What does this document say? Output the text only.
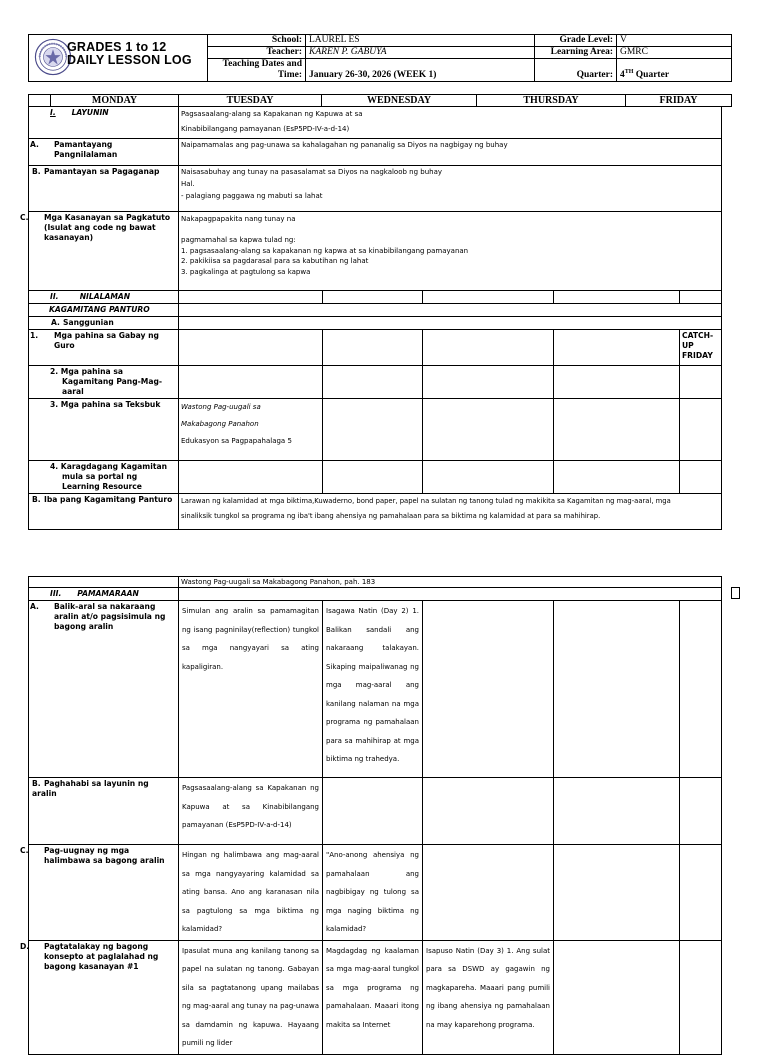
GRADES 1 to 12
DAILY LESSON LOG
School:	LAUREL ES	Grade Level:	V
Teacher:	KAREN P. GABUYA	Learning Area:	GMRC
Teaching Dates and
Time:	January 26-30, 2026 (WEEK 1)	Quarter:	4TH Quarter
	MONDAY	TUESDAY	WEDNESDAY	THURSDAY	FRIDAY
I. LAYUNIN	Pagsasaalang-alang sa Kapakanan ng Kapuwa at sa
Kinabibilangang pamayanan (EsP5PD-IV-a-d-14)				

A. Pamantayang Pangnilalaman	Naipamamalas ang pag-unawa sa kahalagahan ng pananalig sa Diyos na nagbigay ng buhay				
B. Pamantayan sa Pagaganap	Naisasabuhay ang tunay na pasasalamat sa Diyos na nagkaloob ng buhay
Hal.
- palagiang paggawa ng mabuti sa lahat				

C. Mga Kasanayan sa Pagkatuto (Isulat ang code ng bawat kasanayan)	Nakapagpapakita nang tunay na

pagmamahal sa kapwa tulad ng:
1. pagsasaalang-alang sa kapakanan ng kapwa at sa kinabibilangang pamayanan
2. pakikiisa sa pagdarasal para sa kabutihan ng lahat
3. pagkalinga at pagtulong sa kapwa				
II. NILALAMAN					
KAGAMITANG PANTURO					
A. Sanggunian					

1. Mga pahina sa Gabay ng Guro					CATCH-UP FRIDAY

2. Mga pahina sa Kagamitang Pang-Mag-aaral					

3. Mga pahina sa Teksbuk	Wastong Pag-uugali sa
Makabagong Panahon
Edukasyon sa Pagpapahalaga 5				

4. Karagdagang Kagamitan mula sa portal ng Learning Resource					

B. Iba pang Kagamitang Panturo	Larawan ng kalamidad at mga biktima,Kuwaderno, bond paper, papel na sulatan ng tanong tulad ng makikita sa Kagamitan ng mag-aaral, mga
sinaliksik tungkol sa programa ng iba't ibang ahensiya ng pamahalaan para sa biktima ng kalamidad at para sa mahihirap.				
	Wastong Pag-uugali sa Makabagong Panahon, pah. 183				
III. PAMAMARAAN					

A. Balik-aral sa nakaraang aralin at/o pagsisimula ng bagong aralin	Simulan ang aralin sa pamamagitan ng isang pagninilay(reflection) tungkol sa mga nangyayari sa ating kapaligiran.	Isagawa Natin (Day 2) 1. Balikan sandali ang nakaraang talakayan. Sikaping maipaliwanag ng mga mag-aaral ang kanilang nalaman na mga programa ng pamahalaan para sa mahihirap at mga biktima ng trahedya.			
B. Paghahabi sa layunin ng aralin	Pagsasaalang-alang sa Kapakanan ng Kapuwa at sa Kinabibilangang pamayanan (EsP5PD-IV-a-d-14)				

C. Pag-uugnay ng mga halimbawa sa bagong aralin	Hingan ng halimbawa ang mag-aaral sa mga nangyayaring kalamidad sa ating bansa. Ano ang karanasan nila sa pagtulong sa mga biktima ng kalamidad?	"Ano-anong ahensiya ng pamahalaan ang nagbibigay ng tulong sa mga naging biktima ng kalamidad?			

D. Pagtatalakay ng bagong konsepto at paglalahad ng bagong kasanayan #1	Ipasulat muna ang kanilang tanong sa papel na sulatan ng tanong. Gabayan sila sa pagtatanong upang mailabas ng mag-aaral ang tunay na pag-unawa sa damdamin ng kapuwa. Hayaang pumili ng lider	Magdagdag ng kaalaman sa mga mag-aaral tungkol sa mga programa ng pamahalaan. Maaari itong makita sa Internet	Isapuso Natin (Day 3) 1. Ang sulat para sa DSWD ay gagawin ng magkapareha. Maaari pang pumili ng ibang ahensiya ng pamahalaan na may kaparehong programa.		
